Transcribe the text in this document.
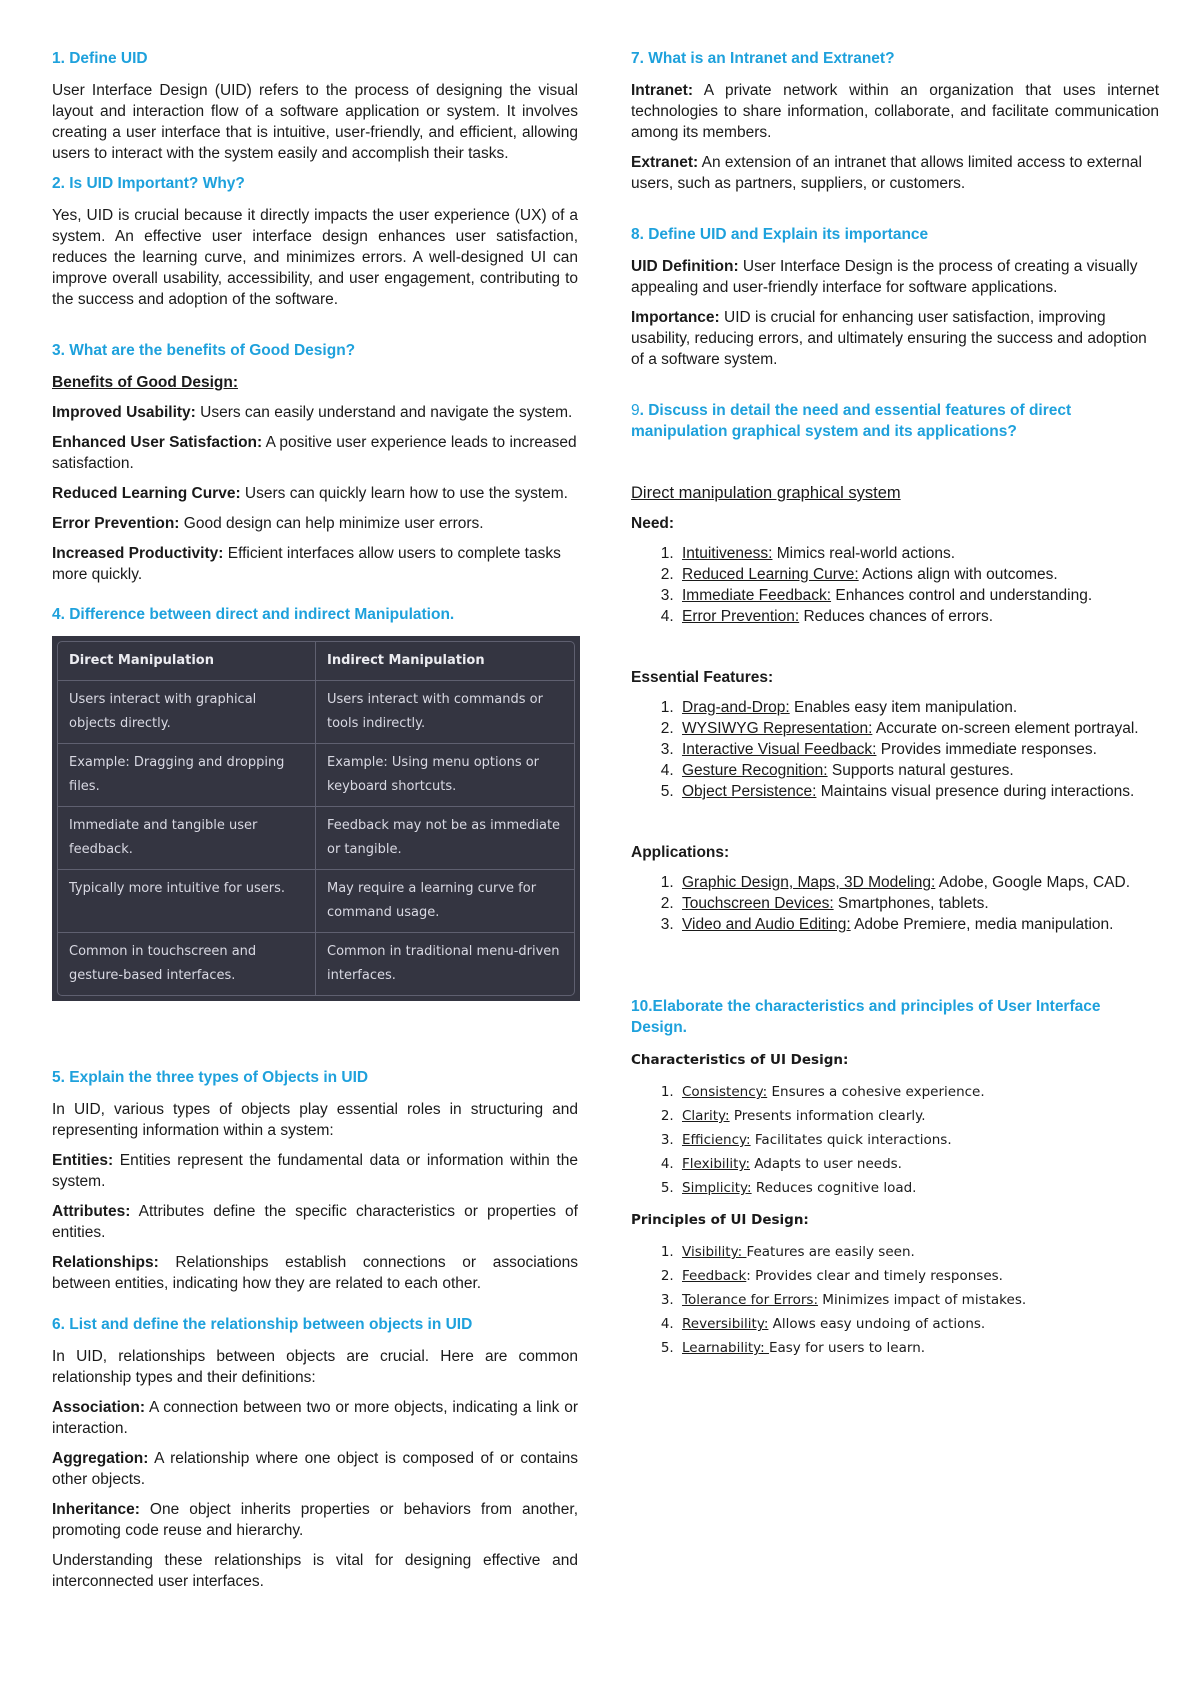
1. Define UID

User Interface Design (UID) refers to the process of designing the visual layout and interaction flow of a software application or system. It involves creating a user interface that is intuitive, user-friendly, and efficient, allowing users to interact with the system easily and accomplish their tasks.

2. Is UID Important? Why?

Yes, UID is crucial because it directly impacts the user experience (UX) of a system. An effective user interface design enhances user satisfaction, reduces the learning curve, and minimizes errors. A well-designed UI can improve overall usability, accessibility, and user engagement, contributing to the success and adoption of the software.

3. What are the benefits of Good Design?

Benefits of Good Design:

Improved Usability: Users can easily understand and navigate the system.

Enhanced User Satisfaction: A positive user experience leads to increased satisfaction.

Reduced Learning Curve: Users can quickly learn how to use the system.

Error Prevention: Good design can help minimize user errors.

Increased Productivity: Efficient interfaces allow users to complete tasks more quickly.

4. Difference between direct and indirect Manipulation.
Direct Manipulation	Indirect Manipulation
Users interact with graphical objects directly.	Users interact with commands or tools indirectly.
Example: Dragging and dropping files.	Example: Using menu options or keyboard shortcuts.
Immediate and tangible user feedback.	Feedback may not be as immediate or tangible.
Typically more intuitive for users.	May require a learning curve for command usage.
Common in touchscreen and gesture-based interfaces.	Common in traditional menu-driven interfaces.
5. Explain the three types of Objects in UID

In UID, various types of objects play essential roles in structuring and representing information within a system:

Entities: Entities represent the fundamental data or information within the system.

Attributes: Attributes define the specific characteristics or properties of entities.

Relationships: Relationships establish connections or associations between entities, indicating how they are related to each other.

6. List and define the relationship between objects in UID

In UID, relationships between objects are crucial. Here are common relationship types and their definitions:

Association: A connection between two or more objects, indicating a link or interaction.

Aggregation: A relationship where one object is composed of or contains other objects.

Inheritance: One object inherits properties or behaviors from another, promoting code reuse and hierarchy.

Understanding these relationships is vital for designing effective and interconnected user interfaces.

7. What is an Intranet and Extranet?

Intranet: A private network within an organization that uses internet technologies to share information, collaborate, and facilitate communication among its members.

Extranet: An extension of an intranet that allows limited access to external users, such as partners, suppliers, or customers.

8. Define UID and Explain its importance

UID Definition: User Interface Design is the process of creating a visually appealing and user-friendly interface for software applications.

Importance: UID is crucial for enhancing user satisfaction, improving usability, reducing errors, and ultimately ensuring the success and adoption of a software system.

9. Discuss in detail the need and essential features of direct manipulation graphical system and its applications?

Direct manipulation graphical system

Need:

1. Intuitiveness: Mimics real-world actions.
2. Reduced Learning Curve: Actions align with outcomes.
3. Immediate Feedback: Enhances control and understanding.
4. Error Prevention: Reduces chances of errors.

Essential Features:

1. Drag-and-Drop: Enables easy item manipulation.
2. WYSIWYG Representation: Accurate on-screen element portrayal.
3. Interactive Visual Feedback: Provides immediate responses.
4. Gesture Recognition: Supports natural gestures.
5. Object Persistence: Maintains visual presence during interactions.

Applications:

1. Graphic Design, Maps, 3D Modeling: Adobe, Google Maps, CAD.
2. Touchscreen Devices: Smartphones, tablets.
3. Video and Audio Editing: Adobe Premiere, media manipulation.
10.Elaborate the characteristics and principles of User Interface Design.

Characteristics of UI Design:

1. Consistency: Ensures a cohesive experience.
2. Clarity: Presents information clearly.
3. Efficiency: Facilitates quick interactions.
4. Flexibility: Adapts to user needs.
5. Simplicity: Reduces cognitive load.

Principles of UI Design:

1. Visibility: Features are easily seen.
2. Feedback: Provides clear and timely responses.
3. Tolerance for Errors: Minimizes impact of mistakes.
4. Reversibility: Allows easy undoing of actions.
5. Learnability: Easy for users to learn.
